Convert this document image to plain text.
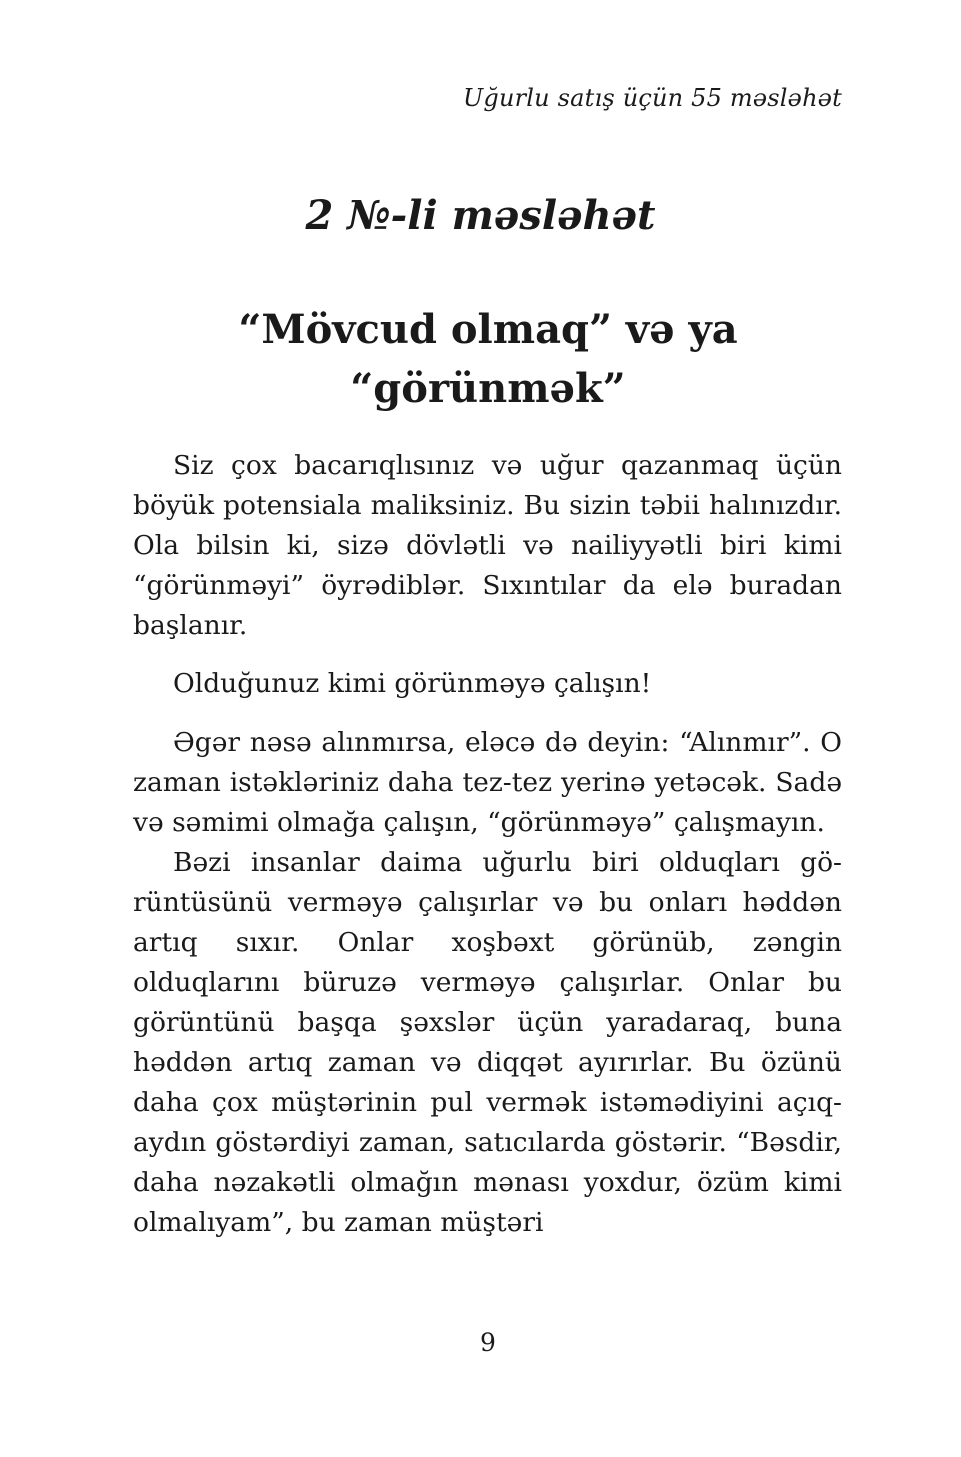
Uğurlu satış üçün 55 məsləhət
2 №-li məsləhət
“Mövcud olmaq” və ya
“görünmək”

Siz çox bacarıqlısınız və uğur qazanmaq üçün böyük potensiala maliksiniz. Bu sizin təbii halınızdır. Ola bilsin ki, sizə dövlətli və nailiyyətli biri kimi “görünməyi” öyrədiblər. Sıxıntılar da elə buradan başlanır.

Olduğunuz kimi görünməyə çalışın!

Əgər nəsə alınmırsa, eləcə də deyin: “Alınmır”. O zaman istəkləriniz daha tez-tez yerinə yetəcək. Sadə və səmimi olmağa çalışın, “görünməyə” çalışmayın.

Bəzi insanlar daima uğurlu biri olduqları görüntüsünü verməyə çalışırlar və bu onları həddən artıq sıxır. Onlar xoşbəxt görünüb, zəngin olduqlarını büruzə verməyə çalışırlar. Onlar bu görüntünü başqa şəxslər üçün yaradaraq, buna həddən artıq zaman və diqqət ayırırlar. Bu özünü daha çox müştərinin pul vermək istəmədiyini açıq-aydın göstərdiyi zaman, satıcılarda göstərir. “Bəsdir, daha nəzakətli olmağın mənası yoxdur, özüm kimi olmalıyam”, bu zaman müştəri

9
